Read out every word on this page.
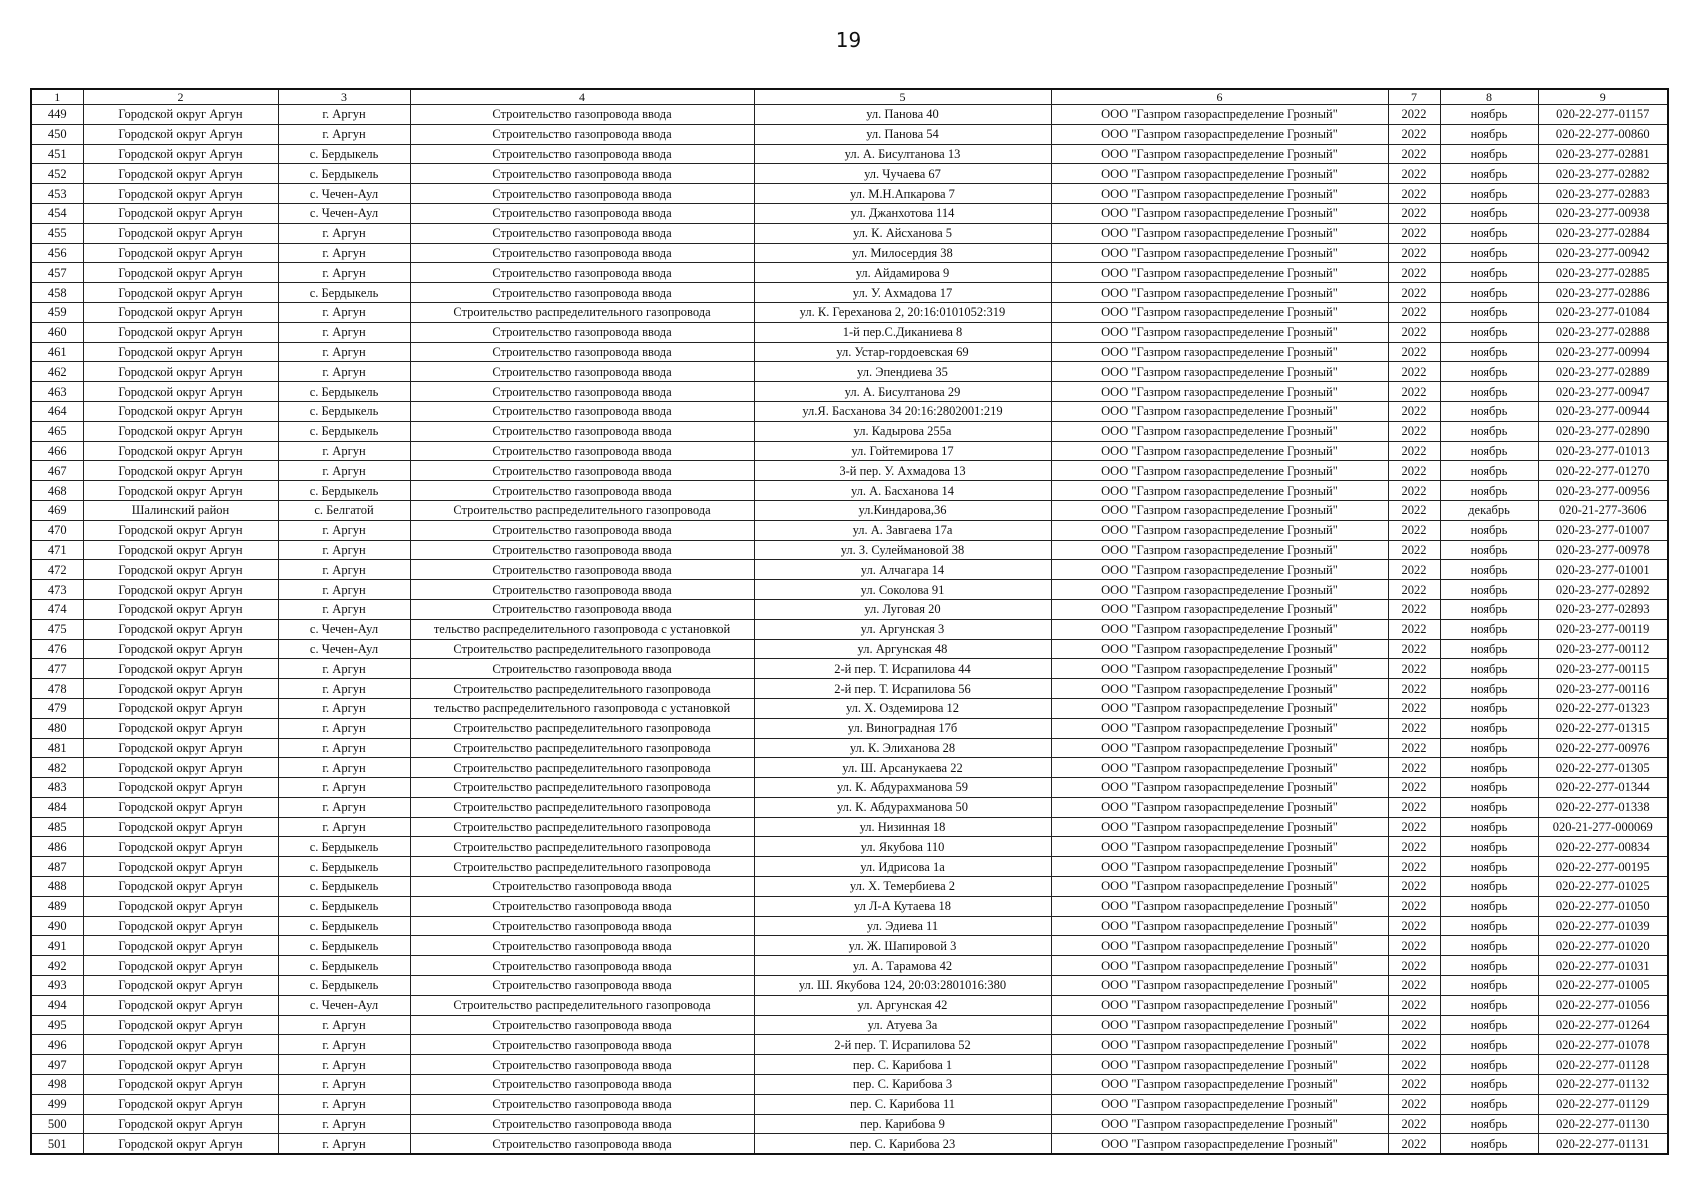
19
1	2	3	4	5	6	7	8	9
449	Городской округ Аргун	г. Аргун	Строительство газопровода ввода	ул. Панова 40	ООО "Газпром газораспределение Грозный"	2022	ноябрь	020-22-277-01157
450	Городской округ Аргун	г. Аргун	Строительство газопровода ввода	ул. Панова 54	ООО "Газпром газораспределение Грозный"	2022	ноябрь	020-22-277-00860
451	Городской округ Аргун	с. Бердыкель	Строительство газопровода ввода	ул. А. Бисултанова 13	ООО "Газпром газораспределение Грозный"	2022	ноябрь	020-23-277-02881
452	Городской округ Аргун	с. Бердыкель	Строительство газопровода ввода	ул. Чучаева 67	ООО "Газпром газораспределение Грозный"	2022	ноябрь	020-23-277-02882
453	Городской округ Аргун	с. Чечен-Аул	Строительство газопровода ввода	ул. М.Н.Апкарова 7	ООО "Газпром газораспределение Грозный"	2022	ноябрь	020-23-277-02883
454	Городской округ Аргун	с. Чечен-Аул	Строительство газопровода ввода	ул. Джанхотова 114	ООО "Газпром газораспределение Грозный"	2022	ноябрь	020-23-277-00938
455	Городской округ Аргун	г. Аргун	Строительство газопровода ввода	ул. К. Айсханова 5	ООО "Газпром газораспределение Грозный"	2022	ноябрь	020-23-277-02884
456	Городской округ Аргун	г. Аргун	Строительство газопровода ввода	ул. Милосердия 38	ООО "Газпром газораспределение Грозный"	2022	ноябрь	020-23-277-00942
457	Городской округ Аргун	г. Аргун	Строительство газопровода ввода	ул. Айдамирова 9	ООО "Газпром газораспределение Грозный"	2022	ноябрь	020-23-277-02885
458	Городской округ Аргун	с. Бердыкель	Строительство газопровода ввода	ул. У. Ахмадова 17	ООО "Газпром газораспределение Грозный"	2022	ноябрь	020-23-277-02886
459	Городской округ Аргун	г. Аргун	Строительство распределительного газопровода	ул. К. Гереханова 2, 20:16:0101052:319	ООО "Газпром газораспределение Грозный"	2022	ноябрь	020-23-277-01084
460	Городской округ Аргун	г. Аргун	Строительство газопровода ввода	1-й пер.С.Диканиева 8	ООО "Газпром газораспределение Грозный"	2022	ноябрь	020-23-277-02888
461	Городской округ Аргун	г. Аргун	Строительство газопровода ввода	ул. Устар-гордоевская 69	ООО "Газпром газораспределение Грозный"	2022	ноябрь	020-23-277-00994
462	Городской округ Аргун	г. Аргун	Строительство газопровода ввода	ул. Эпендиева 35	ООО "Газпром газораспределение Грозный"	2022	ноябрь	020-23-277-02889
463	Городской округ Аргун	с. Бердыкель	Строительство газопровода ввода	ул. А. Бисултанова 29	ООО "Газпром газораспределение Грозный"	2022	ноябрь	020-23-277-00947
464	Городской округ Аргун	с. Бердыкель	Строительство газопровода ввода	ул.Я. Басханова 34 20:16:2802001:219	ООО "Газпром газораспределение Грозный"	2022	ноябрь	020-23-277-00944
465	Городской округ Аргун	с. Бердыкель	Строительство газопровода ввода	ул. Кадырова 255а	ООО "Газпром газораспределение Грозный"	2022	ноябрь	020-23-277-02890
466	Городской округ Аргун	г. Аргун	Строительство газопровода ввода	ул. Гойтемирова 17	ООО "Газпром газораспределение Грозный"	2022	ноябрь	020-23-277-01013
467	Городской округ Аргун	г. Аргун	Строительство газопровода ввода	3-й пер. У. Ахмадова 13	ООО "Газпром газораспределение Грозный"	2022	ноябрь	020-22-277-01270
468	Городской округ Аргун	с. Бердыкель	Строительство газопровода ввода	ул. А. Басханова 14	ООО "Газпром газораспределение Грозный"	2022	ноябрь	020-23-277-00956
469	Шалинский район	с. Белгатой	Строительство распределительного газопровода	ул.Киндарова,36	ООО "Газпром газораспределение Грозный"	2022	декабрь	020-21-277-3606
470	Городской округ Аргун	г. Аргун	Строительство газопровода ввода	ул. А. Завгаева 17а	ООО "Газпром газораспределение Грозный"	2022	ноябрь	020-23-277-01007
471	Городской округ Аргун	г. Аргун	Строительство газопровода ввода	ул. З. Сулеймановой 38	ООО "Газпром газораспределение Грозный"	2022	ноябрь	020-23-277-00978
472	Городской округ Аргун	г. Аргун	Строительство газопровода ввода	ул. Алчагара 14	ООО "Газпром газораспределение Грозный"	2022	ноябрь	020-23-277-01001
473	Городской округ Аргун	г. Аргун	Строительство газопровода ввода	ул. Соколова 91	ООО "Газпром газораспределение Грозный"	2022	ноябрь	020-23-277-02892
474	Городской округ Аргун	г. Аргун	Строительство газопровода ввода	ул. Луговая 20	ООО "Газпром газораспределение Грозный"	2022	ноябрь	020-23-277-02893
475	Городской округ Аргун	с. Чечен-Аул	тельство распределительного газопровода с установкой	ул. Аргунская 3	ООО "Газпром газораспределение Грозный"	2022	ноябрь	020-23-277-00119
476	Городской округ Аргун	с. Чечен-Аул	Строительство распределительного газопровода	ул. Аргунская 48	ООО "Газпром газораспределение Грозный"	2022	ноябрь	020-23-277-00112
477	Городской округ Аргун	г. Аргун	Строительство газопровода ввода	2-й пер. Т. Исрапилова 44	ООО "Газпром газораспределение Грозный"	2022	ноябрь	020-23-277-00115
478	Городской округ Аргун	г. Аргун	Строительство распределительного газопровода	2-й пер. Т. Исрапилова 56	ООО "Газпром газораспределение Грозный"	2022	ноябрь	020-23-277-00116
479	Городской округ Аргун	г. Аргун	тельство распределительного газопровода с установкой	ул. Х. Оздемирова 12	ООО "Газпром газораспределение Грозный"	2022	ноябрь	020-22-277-01323
480	Городской округ Аргун	г. Аргун	Строительство распределительного газопровода	ул. Виноградная 17б	ООО "Газпром газораспределение Грозный"	2022	ноябрь	020-22-277-01315
481	Городской округ Аргун	г. Аргун	Строительство распределительного газопровода	ул. К. Элиханова 28	ООО "Газпром газораспределение Грозный"	2022	ноябрь	020-22-277-00976
482	Городской округ Аргун	г. Аргун	Строительство распределительного газопровода	ул. Ш. Арсанукаева 22	ООО "Газпром газораспределение Грозный"	2022	ноябрь	020-22-277-01305
483	Городской округ Аргун	г. Аргун	Строительство распределительного газопровода	ул. К. Абдурахманова 59	ООО "Газпром газораспределение Грозный"	2022	ноябрь	020-22-277-01344
484	Городской округ Аргун	г. Аргун	Строительство распределительного газопровода	ул. К. Абдурахманова 50	ООО "Газпром газораспределение Грозный"	2022	ноябрь	020-22-277-01338
485	Городской округ Аргун	г. Аргун	Строительство распределительного газопровода	ул. Низинная 18	ООО "Газпром газораспределение Грозный"	2022	ноябрь	020-21-277-000069
486	Городской округ Аргун	с. Бердыкель	Строительство распределительного газопровода	ул. Якубова 110	ООО "Газпром газораспределение Грозный"	2022	ноябрь	020-22-277-00834
487	Городской округ Аргун	с. Бердыкель	Строительство распределительного газопровода	ул. Идрисова 1а	ООО "Газпром газораспределение Грозный"	2022	ноябрь	020-22-277-00195
488	Городской округ Аргун	с. Бердыкель	Строительство газопровода ввода	ул. Х. Темербиева 2	ООО "Газпром газораспределение Грозный"	2022	ноябрь	020-22-277-01025
489	Городской округ Аргун	с. Бердыкель	Строительство газопровода ввода	ул Л-А Кутаева 18	ООО "Газпром газораспределение Грозный"	2022	ноябрь	020-22-277-01050
490	Городской округ Аргун	с. Бердыкель	Строительство газопровода ввода	ул. Эдиева 11	ООО "Газпром газораспределение Грозный"	2022	ноябрь	020-22-277-01039
491	Городской округ Аргун	с. Бердыкель	Строительство газопровода ввода	ул. Ж. Шапировой 3	ООО "Газпром газораспределение Грозный"	2022	ноябрь	020-22-277-01020
492	Городской округ Аргун	с. Бердыкель	Строительство газопровода ввода	ул. А. Тарамова 42	ООО "Газпром газораспределение Грозный"	2022	ноябрь	020-22-277-01031
493	Городской округ Аргун	с. Бердыкель	Строительство газопровода ввода	ул. Ш. Якубова 124, 20:03:2801016:380	ООО "Газпром газораспределение Грозный"	2022	ноябрь	020-22-277-01005
494	Городской округ Аргун	с. Чечен-Аул	Строительство распределительного газопровода	ул. Аргунская 42	ООО "Газпром газораспределение Грозный"	2022	ноябрь	020-22-277-01056
495	Городской округ Аргун	г. Аргун	Строительство газопровода ввода	ул. Атуева 3а	ООО "Газпром газораспределение Грозный"	2022	ноябрь	020-22-277-01264
496	Городской округ Аргун	г. Аргун	Строительство газопровода ввода	2-й пер. Т. Исрапилова 52	ООО "Газпром газораспределение Грозный"	2022	ноябрь	020-22-277-01078
497	Городской округ Аргун	г. Аргун	Строительство газопровода ввода	пер. С. Карибова 1	ООО "Газпром газораспределение Грозный"	2022	ноябрь	020-22-277-01128
498	Городской округ Аргун	г. Аргун	Строительство газопровода ввода	пер. С. Карибова 3	ООО "Газпром газораспределение Грозный"	2022	ноябрь	020-22-277-01132
499	Городской округ Аргун	г. Аргун	Строительство газопровода ввода	пер. С. Карибова 11	ООО "Газпром газораспределение Грозный"	2022	ноябрь	020-22-277-01129
500	Городской округ Аргун	г. Аргун	Строительство газопровода ввода	пер. Карибова 9	ООО "Газпром газораспределение Грозный"	2022	ноябрь	020-22-277-01130
501	Городской округ Аргун	г. Аргун	Строительство газопровода ввода	пер. С. Карибова 23	ООО "Газпром газораспределение Грозный"	2022	ноябрь	020-22-277-01131
